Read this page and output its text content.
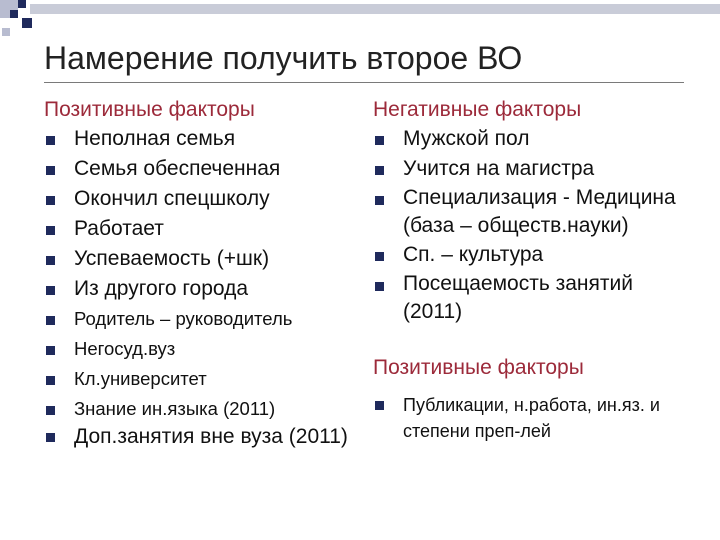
Намерение получить второе ВО

Позитивные факторы

Неполная семья
Семья обеспеченная
Окончил спецшколу
Работает
Успеваемость (+шк)
Из другого города
Родитель – руководитель
Негосуд.вуз
Кл.университет
Знание ин.языка (2011)
Доп.занятия вне вуза (2011)

Негативные факторы

Мужской пол
Учится на магистра
Специализация - Медицина (база – обществ.науки)
Сп. – культура
Посещаемость занятий (2011)

Позитивные факторы

Публикации, н.работа, ин.яз. и степени преп-лей
